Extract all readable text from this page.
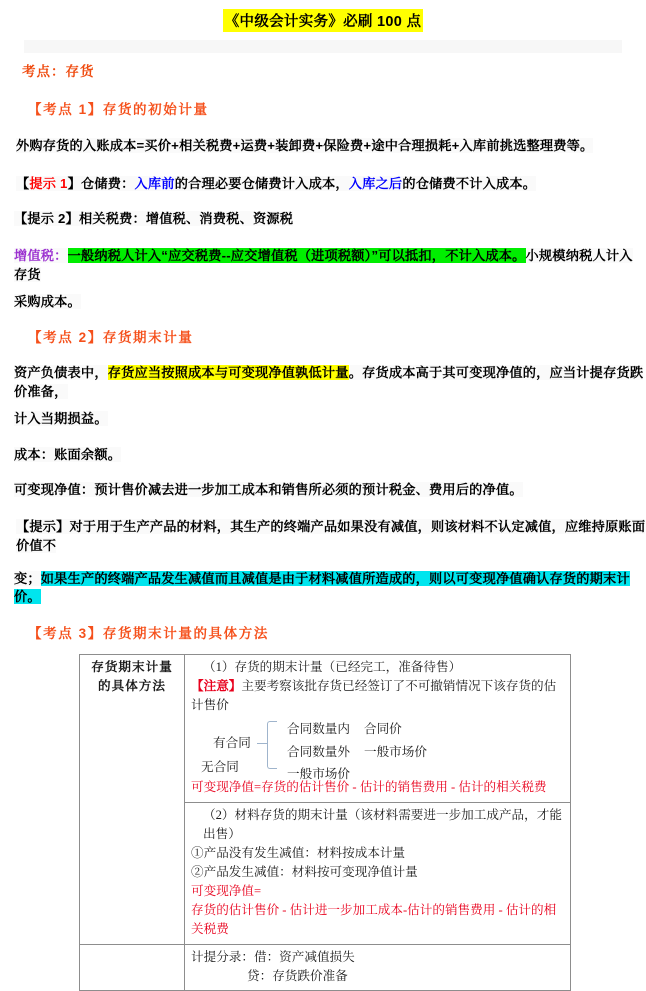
《中级会计实务》必刷 100 点
考点：存货
【考点 1】存货的初始计量
外购存货的入账成本=买价+相关税费+运费+装卸费+保险费+途中合理损耗+入库前挑选整理费等。
【提示 1】仓储费：入库前的合理必要仓储费计入成本，入库之后的仓储费不计入成本。
【提示 2】相关税费：增值税、消费税、资源税
增值税：一般纳税人计入“应交税费--应交增值税（进项税额）”可以抵扣，不计入成本。小规模纳税人计入存货
采购成本。
【考点 2】存货期末计量
资产负债表中，存货应当按照成本与可变现净值孰低计量。存货成本高于其可变现净值的，应当计提存货跌价准备，
计入当期损益。
成本：账面余额。
可变现净值：预计售价减去进一步加工成本和销售所必须的预计税金、费用后的净值。
【提示】对于用于生产产品的材料，其生产的终端产品如果没有减值，则该材料不认定减值，应维持原账面价值不
变；如果生产的终端产品发生减值而且减值是由于材料减值所造成的，则以可变现净值确认存货的期末计价。
【考点 3】存货期末计量的具体方法
存货期末计量
的具体方法

（1）存货的期末计量（已经完工，准备待售）
【注意】主要考察该批存货已经签订了不可撤销情况下该存货的估计售价
有合同
合同数量内 合同价
合同数量外 一般市场价
无合同	一般市场价
可变现净值=存货的估计售价 - 估计的销售费用 - 估计的相关税费

	（2）材料存货的期末计量（该材料需要进一步加工成产品，才能出售）
①产品没有发生减值：材料按成本计量
②产品发生减值：材料按可变现净值计量
可变现净值=
存货的估计售价 - 估计进一步加工成本-估计的销售费用 - 估计的相关税费

	计提分录：借：资产减值损失
贷：存货跌价准备
